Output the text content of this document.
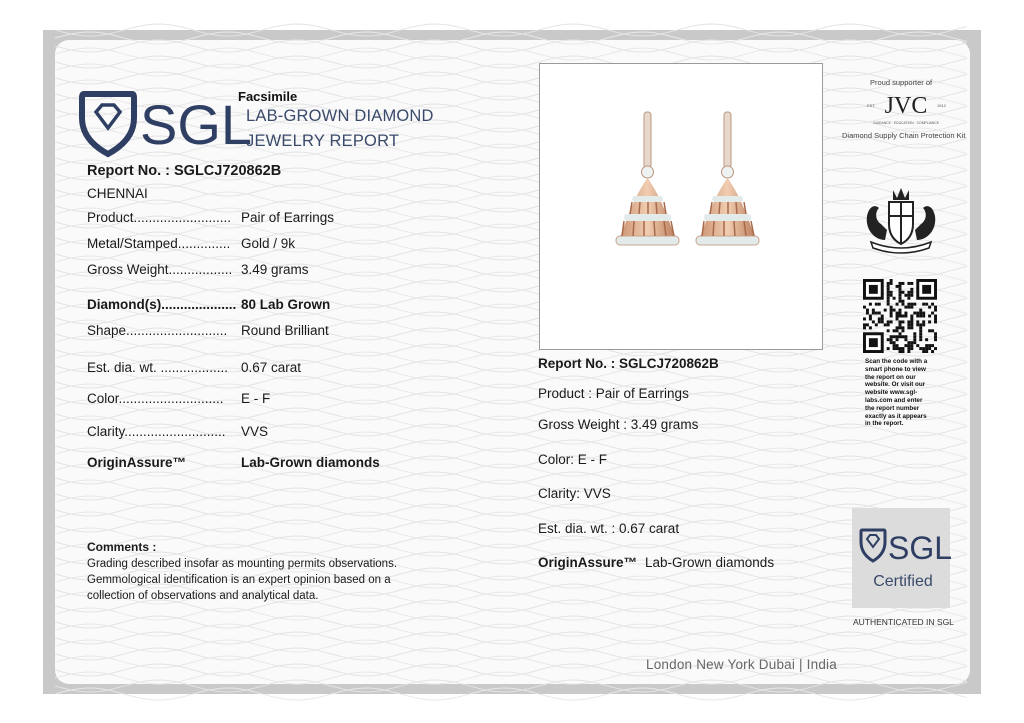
SGL
Facsimile
LAB-GROWN DIAMOND
JEWELRY REPORT
Report No. : SGLCJ720862B
CHENNAI
Product.......................... Pair of Earrings
Metal/Stamped.............. Gold / 9k
Gross Weight................. 3.49 grams
Diamond(s).................... 80 Lab Grown
Shape........................... Round Brilliant
Est. dia. wt. .................. 0.67 carat
Color............................ E - F
Clarity........................... VVS
OriginAssure™	Lab-Grown diamonds
Comments :
Grading described insofar as mounting permits observations.
Gemmological identification is an expert opinion based on a
collection of observations and analytical data.
Report No. : SGLCJ720862B
Product : Pair of Earrings
Gross Weight : 3.49 grams
Color: E - F
Clarity: VVS
Est. dia. wt. : 0.67 carat
OriginAssure™ Lab-Grown diamonds
Proud supporter of
JVC
EST.	1912
GUIDANCE · EDUCATION · COMPLIANCE
Diamond Supply Chain Protection Kit
Scan the code with a
smart phone to view
the report on our
website. Or visit our
website www.sgl-
labs.com and enter
the report number
exactly as it appears
in the report.
SGL
Certified
AUTHENTICATED IN SGL
London New York Dubai | India
